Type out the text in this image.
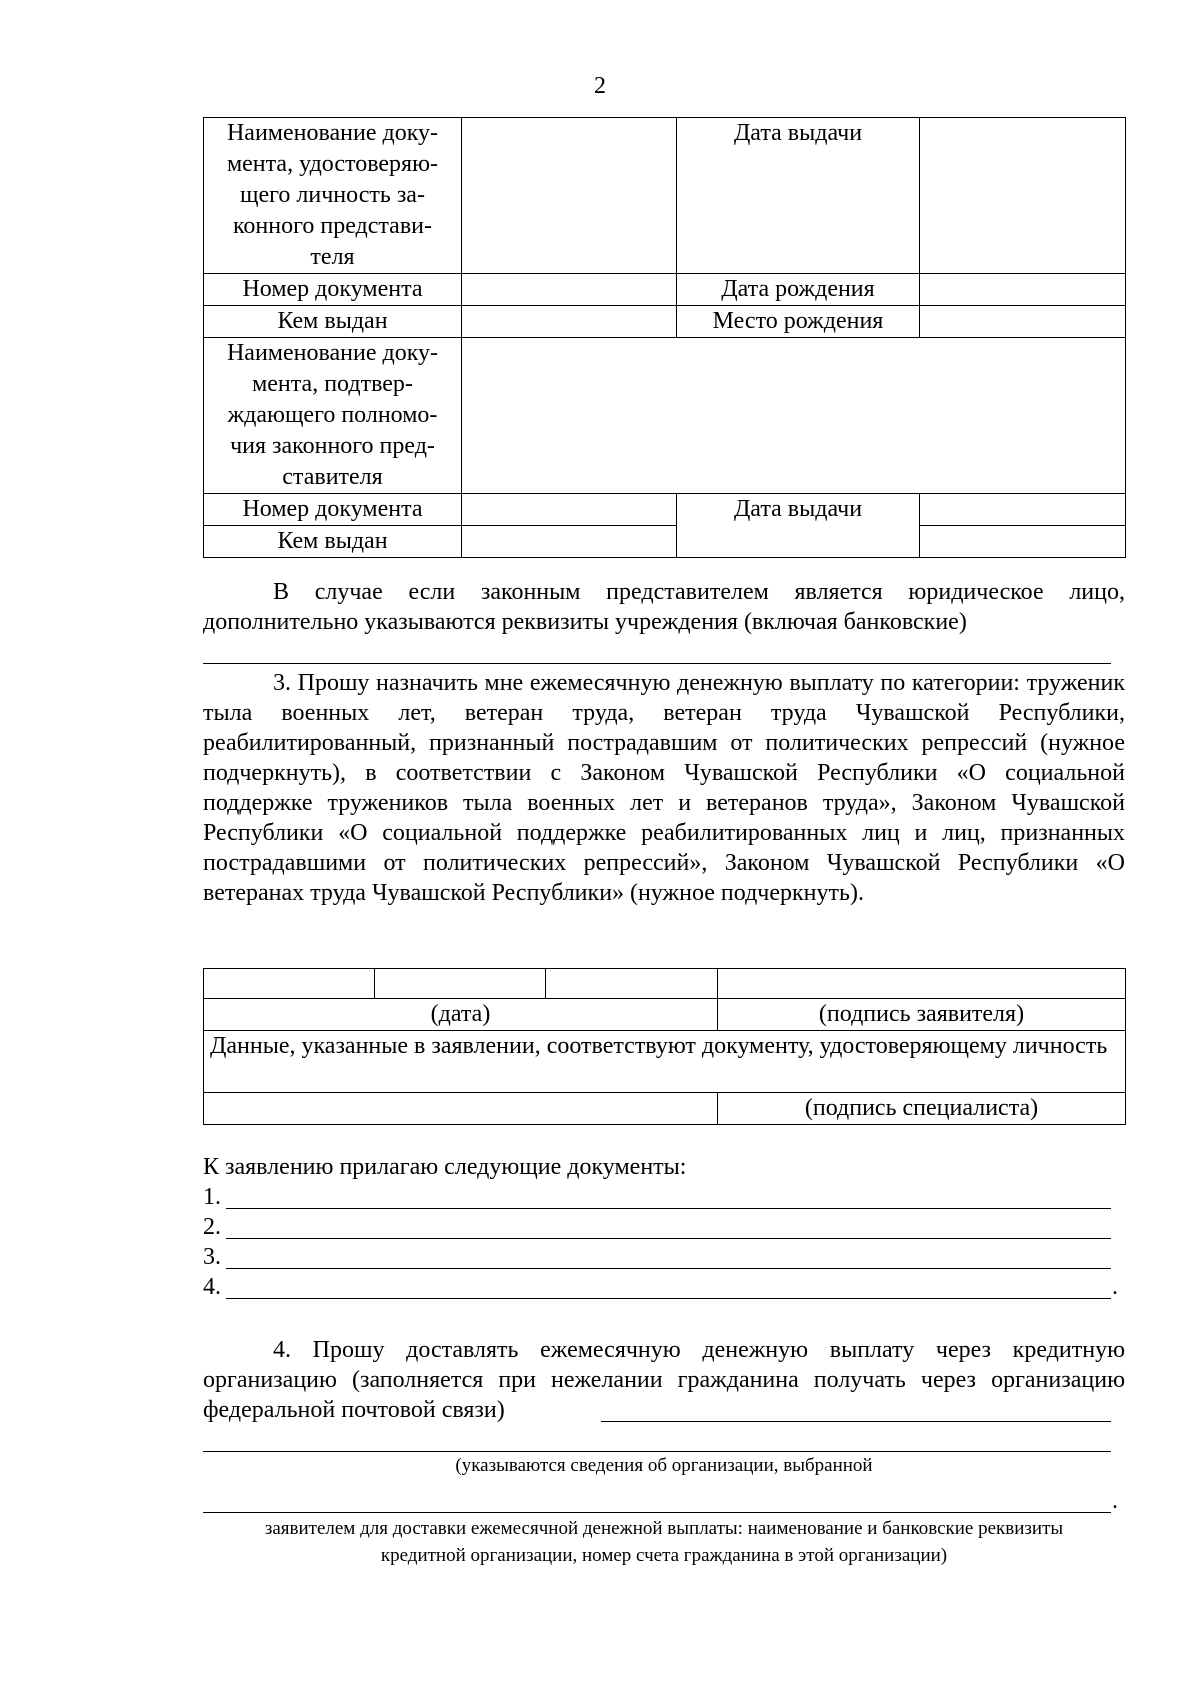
2
Наименование доку-
мента, удостоверяю-
щего личность за-
конного представи-
теля		Дата выдачи	
Номер документа		Дата рождения	
Кем выдан		Место рождения	
Наименование доку-
мента, подтвер-
ждающего полномо-
чия законного пред-
ставителя			
Номер документа		Дата выдачи	
Кем выдан			
В случае если законным представителем является юридическое лицо, дополнительно указываются реквизиты учреждения (включая банковские)
3. Прошу назначить мне ежемесячную денежную выплату по категории: труженик тыла военных лет, ветеран труда, ветеран труда Чувашской Республики, реабилитированный, признанный пострадавшим от политических репрессий (нужное подчеркнуть), в соответствии с Законом Чувашской Республики «О социальной поддержке тружеников тыла военных лет и ветеранов труда», Законом Чувашской Республики «О социальной поддержке реабилитированных лиц и лиц, признанных пострадавшими от политических репрессий», Законом Чувашской Республики «О ветеранах труда Чувашской Республики» (нужное подчеркнуть).

(дата)			(подпись заявителя)
Данные, указанные в заявлении, соответствуют документу, удостоверяющему личность			
			(подпись специалиста)
К заявлению прилагаю следующие документы:
1.
2.
3.
4.	.
4. Прошу доставлять ежемесячную денежную выплату через кредитную организацию (заполняется при нежелании гражданина получать через организацию федеральной почтовой связи)
(указываются сведения об организации, выбранной
.
заявителем для доставки ежемесячной денежной выплаты: наименование и банковские реквизиты кредитной организации, номер счета гражданина в этой организации)
